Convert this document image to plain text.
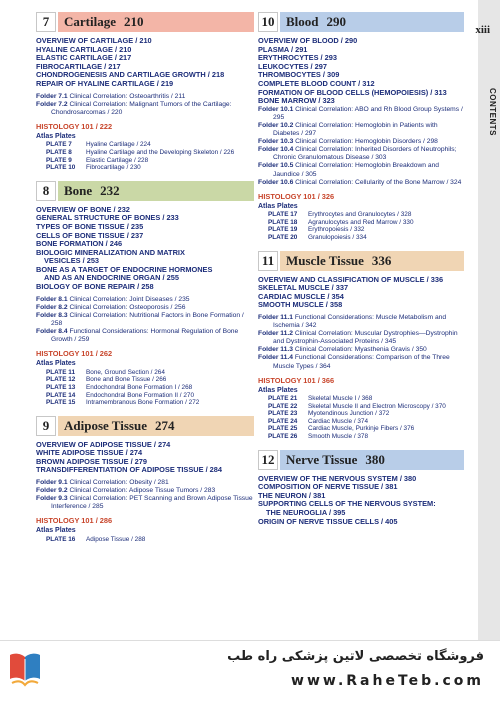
xiii
CONTENTS
7	Cartilage 210
OVERVIEW OF CARTILAGE / 210
HYALINE CARTILAGE / 210
ELASTIC CARTILAGE / 217
FIBROCARTILAGE / 217
CHONDROGENESIS AND CARTILAGE GROWTH / 218
REPAIR OF HYALINE CARTILAGE / 219
Folder 7.1 Clinical Correlation: Osteoarthritis / 211
Folder 7.2 Clinical Correlation: Malignant Tumors of the Cartilage: Chondrosarcomas / 220
HISTOLOGY 101 / 222
Atlas Plates
PLATE 7	Hyaline Cartilage / 224
PLATE 8	Hyaline Cartilage and the Developing Skeleton / 226
PLATE 9	Elastic Cartilage / 228
PLATE 10	Fibrocartilage / 230
8	Bone 232
OVERVIEW OF BONE / 232
GENERAL STRUCTURE OF BONES / 233
TYPES OF BONE TISSUE / 235
CELLS OF BONE TISSUE / 237
BONE FORMATION / 246
BIOLOGIC MINERALIZATION AND MATRIX
VESICLES / 253
BONE AS A TARGET OF ENDOCRINE HORMONES
AND AS AN ENDOCRINE ORGAN / 255
BIOLOGY OF BONE REPAIR / 258
Folder 8.1 Clinical Correlation: Joint Diseases / 235
Folder 8.2 Clinical Correlation: Osteoporosis / 256
Folder 8.3 Clinical Correlation: Nutritional Factors in Bone Formation / 258
Folder 8.4 Functional Considerations: Hormonal Regulation of Bone Growth / 259
HISTOLOGY 101 / 262
Atlas Plates
PLATE 11	Bone, Ground Section / 264
PLATE 12	Bone and Bone Tissue / 266
PLATE 13	Endochondral Bone Formation I / 268
PLATE 14	Endochondral Bone Formation II / 270
PLATE 15	Intramembranous Bone Formation / 272
9	Adipose Tissue 274
OVERVIEW OF ADIPOSE TISSUE / 274
WHITE ADIPOSE TISSUE / 274
BROWN ADIPOSE TISSUE / 279
TRANSDIFFERENTIATION OF ADIPOSE TISSUE / 284
Folder 9.1 Clinical Correlation: Obesity / 281
Folder 9.2 Clinical Correlation: Adipose Tissue Tumors / 283
Folder 9.3 Clinical Correlation: PET Scanning and Brown Adipose Tissue Interference / 285
HISTOLOGY 101 / 286
Atlas Plates
PLATE 16	Adipose Tissue / 288
10 Blood 290
OVERVIEW OF BLOOD / 290
PLASMA / 291
ERYTHROCYTES / 293
LEUKOCYTES / 297
THROMBOCYTES / 309
COMPLETE BLOOD COUNT / 312
FORMATION OF BLOOD CELLS (HEMOPOIESIS) / 313
BONE MARROW / 323
Folder 10.1 Clinical Correlation: ABO and Rh Blood Group Systems / 295
Folder 10.2 Clinical Correlation: Hemoglobin in Patients with Diabetes / 297
Folder 10.3 Clinical Correlation: Hemoglobin Disorders / 298
Folder 10.4 Clinical Correlation: Inherited Disorders of Neutrophils; Chronic Granulomatous Disease / 303
Folder 10.5 Clinical Correlation: Hemoglobin Breakdown and Jaundice / 305
Folder 10.6 Clinical Correlation: Cellularity of the Bone Marrow / 324
HISTOLOGY 101 / 326
Atlas Plates
PLATE 17	Erythrocytes and Granulocytes / 328
PLATE 18	Agranulocytes and Red Marrow / 330
PLATE 19	Erythropoiesis / 332
PLATE 20	Granulopoiesis / 334
11 Muscle Tissue 336
OVERVIEW AND CLASSIFICATION OF MUSCLE / 336
SKELETAL MUSCLE / 337
CARDIAC MUSCLE / 354
SMOOTH MUSCLE / 358
Folder 11.1 Functional Considerations: Muscle Metabolism and Ischemia / 342
Folder 11.2 Clinical Correlation: Muscular Dystrophies—Dystrophin and Dystrophin-Associated Proteins / 345
Folder 11.3 Clinical Correlation: Myasthenia Gravis / 350
Folder 11.4 Functional Considerations: Comparison of the Three Muscle Types / 364
HISTOLOGY 101 / 366
Atlas Plates
PLATE 21	Skeletal Muscle I / 368
PLATE 22	Skeletal Muscle II and Electron Microscopy / 370
PLATE 23	Myotendinous Junction / 372
PLATE 24	Cardiac Muscle / 374
PLATE 25	Cardiac Muscle, Purkinje Fibers / 376
PLATE 26	Smooth Muscle / 378
12 Nerve Tissue 380
OVERVIEW OF THE NERVOUS SYSTEM / 380
COMPOSITION OF NERVE TISSUE / 381
THE NEURON / 381
SUPPORTING CELLS OF THE NERVOUS SYSTEM:
THE NEUROGLIA / 395
ORIGIN OF NERVE TISSUE CELLS / 405
فروشگاه تخصصی لاتین پزشکی راه طب
www.RaheTeb.com
